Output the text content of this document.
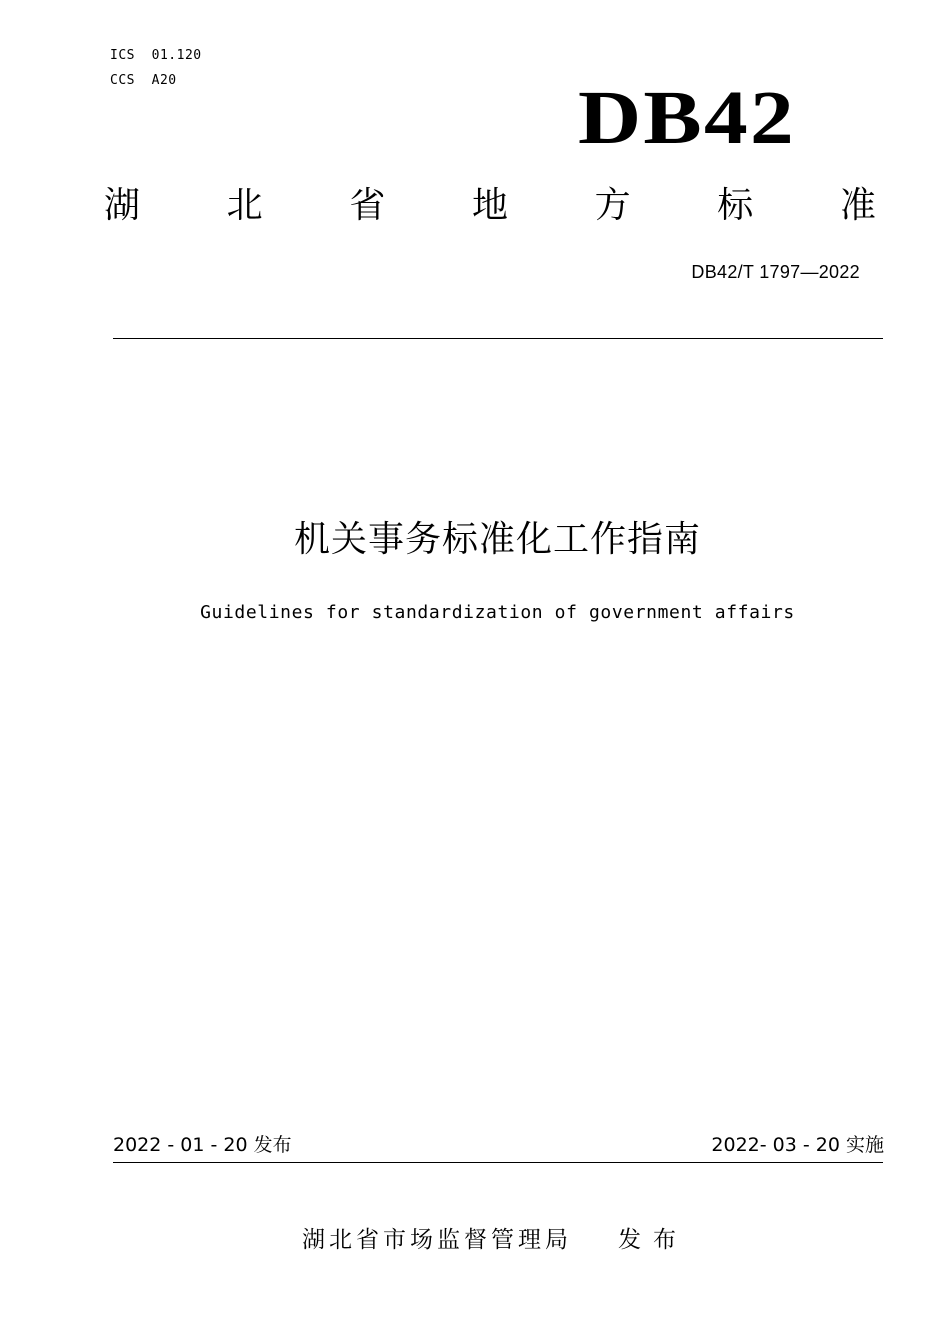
ICS  01.120
CCS  A20	DB42
湖 北 省 地 方 标 准
DB42/T 1797—2022
机关事务标准化工作指南
Guidelines for standardization of government affairs
2022 - 01 - 20 发布	2022- 03 - 20 实施
湖北省市场监督管理局 发布
